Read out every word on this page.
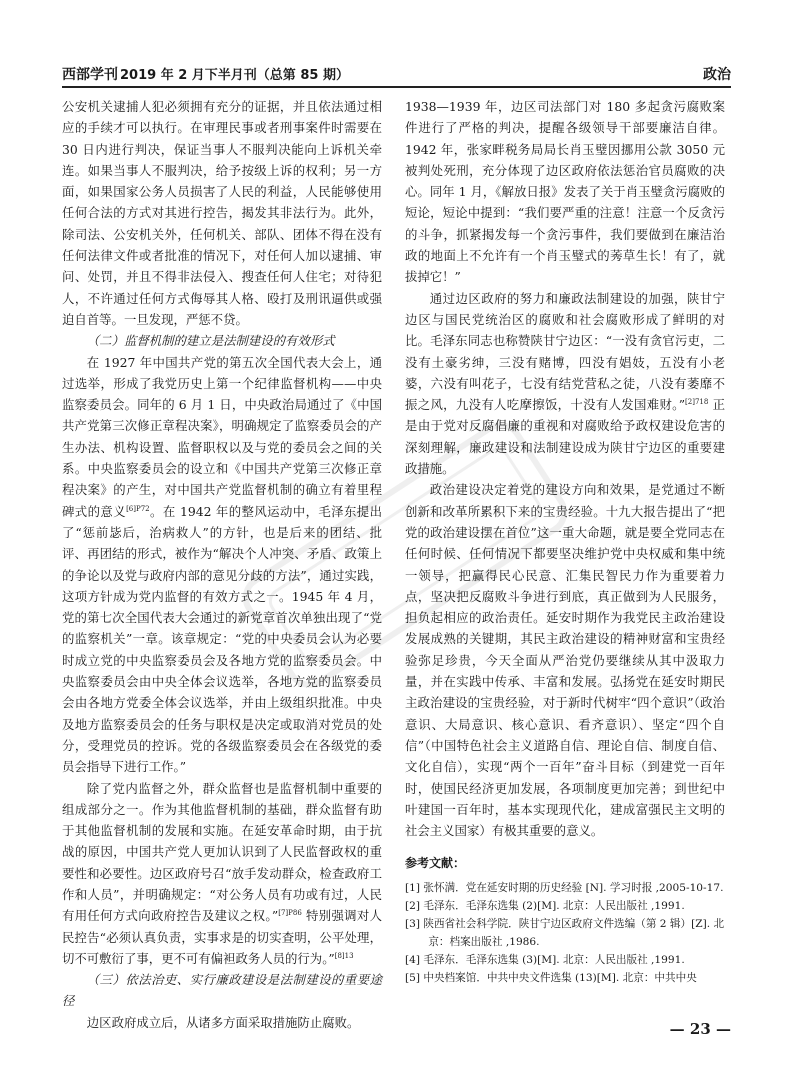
西部学刊 2019 年 2 月下半月刊（总第 85 期）	政治

公安机关逮捕人犯必须拥有充分的证据，并且依法通过相应的手续才可以执行。在审理民事或者刑事案件时需要在 30 日内进行判决，保证当事人不服判决能向上诉机关牵连。如果当事人不服判决，给予按级上诉的权利；另一方面，如果国家公务人员损害了人民的利益，人民能够使用任何合法的方式对其进行控告，揭发其非法行为。此外，除司法、公安机关外，任何机关、部队、团体不得在没有任何法律文件或者批准的情况下，对任何人加以逮捕、审问、处罚，并且不得非法侵入、搜查任何人住宅；对待犯人，不许通过任何方式侮辱其人格、殴打及刑讯逼供或强迫自首等。一旦发现，严惩不贷。

（二）监督机制的建立是法制建设的有效形式

在 1927 年中国共产党的第五次全国代表大会上，通过选举，形成了我党历史上第一个纪律监督机构——中央监察委员会。同年的 6 月 1 日，中央政治局通过了《中国共产党第三次修正章程决案》，明确规定了监察委员会的产生办法、机构设置、监督职权以及与党的委员会之间的关系。中央监察委员会的设立和《中国共产党第三次修正章程决案》的产生，对中国共产党监督机制的确立有着里程碑式的意义$^{[6]P72}$。在 1942 年的整风运动中，毛泽东提出了“惩前毖后，治病救人”的方针，也是后来的团结、批评、再团结的形式，被作为“解决个人冲突、矛盾、政策上的争论以及党与政府内部的意见分歧的方法”，通过实践，这项方针成为党内监督的有效方式之一。1945 年 4 月，党的第七次全国代表大会通过的新党章首次单独出现了“党的监察机关”一章。该章规定：“党的中央委员会认为必要时成立党的中央监察委员会及各地方党的监察委员会。中央监察委员会由中央全体会议选举，各地方党的监察委员会由各地方党委全体会议选举，并由上级组织批准。中央及地方监察委员会的任务与职权是决定或取消对党员的处分，受理党员的控诉。党的各级监察委员会在各级党的委员会指导下进行工作。”

除了党内监督之外，群众监督也是监督机制中重要的组成部分之一。作为其他监督机制的基础，群众监督有助于其他监督机制的发展和实施。在延安革命时期，由于抗战的原因，中国共产党人更加认识到了人民监督政权的重要性和必要性。边区政府号召“放手发动群众，检查政府工作和人员”，并明确规定：“对公务人员有功或有过，人民有用任何方式向政府控告及建议之权。”$^{[7]P86}$ 特别强调对人民控告“必须认真负责，实事求是的切实查明，公平处理，切不可敷衍了事，更不可有偏袒政务人员的行为。”$^{[8]13}$

（三）依法治吏、实行廉政建设是法制建设的重要途径

边区政府成立后，从诸多方面采取措施防止腐败。

1938—1939 年，边区司法部门对 180 多起贪污腐败案件进行了严格的判决，提醒各级领导干部要廉洁自律。1942 年，张家畔税务局局长肖玉璧因挪用公款 3050 元被判处死刑，充分体现了边区政府依法惩治官员腐败的决心。同年 1 月，《解放日报》发表了关于肖玉璧贪污腐败的短论，短论中提到：“我们要严重的注意！注意一个反贪污的斗争，抓紧揭发每一个贪污事件，我们要做到在廉洁治政的地面上不允许有一个肖玉璧式的莠草生长！有了，就拔掉它！”

通过边区政府的努力和廉政法制建设的加强，陕甘宁边区与国民党统治区的腐败和社会腐败形成了鲜明的对比。毛泽东同志也称赞陕甘宁边区：“一没有贪官污吏，二没有土豪劣绅，三没有赌博，四没有娼妓，五没有小老婆，六没有叫花子，七没有结党营私之徒，八没有萎靡不振之风，九没有人吃摩擦饭，十没有人发国难财。”$^{[2]718}$ 正是由于党对反腐倡廉的重视和对腐败给予政权建设危害的深刻理解，廉政建设和法制建设成为陕甘宁边区的重要建政措施。

政治建设决定着党的建设方向和效果，是党通过不断创新和改革所累积下来的宝贵经验。十九大报告提出了“把党的政治建设摆在首位”这一重大命题，就是要全党同志在任何时候、任何情况下都要坚决维护党中央权威和集中统一领导，把赢得民心民意、汇集民智民力作为重要着力点，坚决把反腐败斗争进行到底，真正做到为人民服务，担负起相应的政治责任。延安时期作为我党民主政治建设发展成熟的关键期，其民主政治建设的精神财富和宝贵经验弥足珍贵，今天全面从严治党仍要继续从其中汲取力量，并在实践中传承、丰富和发展。弘扬党在延安时期民主政治建设的宝贵经验，对于新时代树牢“四个意识”（政治意识、大局意识、核心意识、看齐意识）、坚定“四个自信”（中国特色社会主义道路自信、理论自信、制度自信、文化自信），实现“两个一百年”奋斗目标（到建党一百年时，使国民经济更加发展，各项制度更加完善；到世纪中叶建国一百年时，基本实现现代化，建成富强民主文明的社会主义国家）有极其重要的意义。

参考文献：

[1] 张怀满．党在延安时期的历史经验 [N]. 学习时报 ,2005-10-17.

[2] 毛泽东．毛泽东选集 (2)[M]. 北京：人民出版社 ,1991.

[3] 陕西省社会科学院．陕甘宁边区政府文件选编（第 2 辑）[Z]. 北京：档案出版社 ,1986.

[4] 毛泽东．毛泽东选集 (3)[M]. 北京：人民出版社 ,1991.

[5] 中央档案馆．中共中央文件选集 (13)[M]. 北京：中共中央

— 23 —
